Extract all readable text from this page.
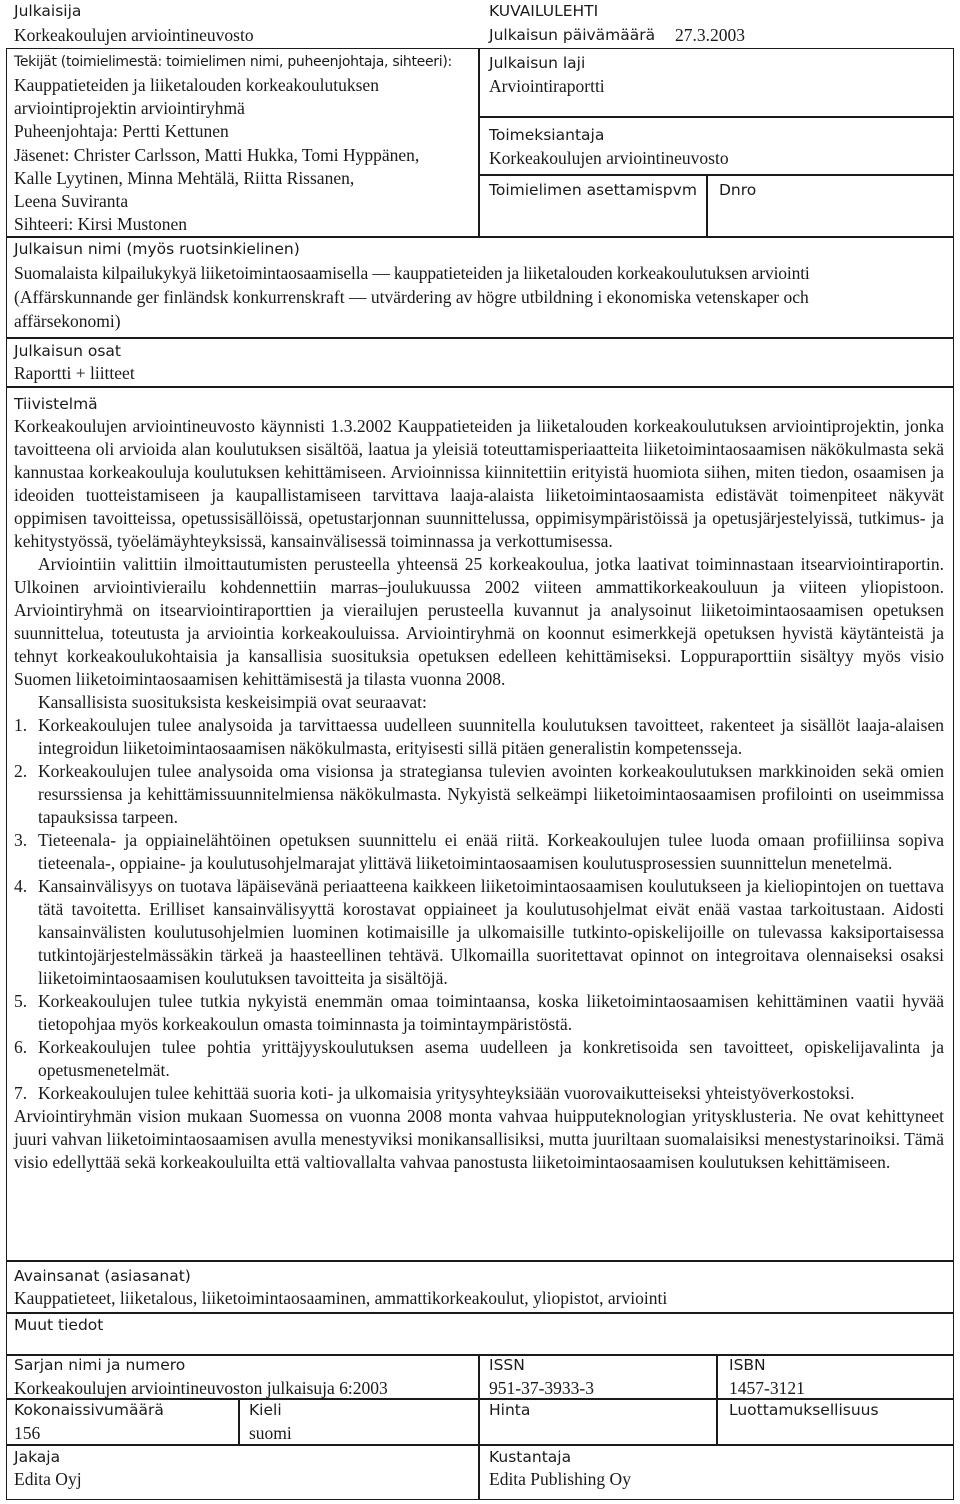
Julkaisija
Korkeakoulujen arviointineuvosto
KUVAILULEHTI
Julkaisun päivämäärä 27.3.2003
Tekijät (toimielimestä: toimielimen nimi, puheenjohtaja, sihteeri):
Kauppatieteiden ja liiketalouden korkeakoulutuksen
arviointiprojektin arviointiryhmä
Puheenjohtaja: Pertti Kettunen
Jäsenet: Christer Carlsson, Matti Hukka, Tomi Hyppänen,
Kalle Lyytinen, Minna Mehtälä, Riitta Rissanen,
Leena Suviranta
Sihteeri: Kirsi Mustonen
Julkaisun laji
Arviointiraportti
Toimeksiantaja
Korkeakoulujen arviointineuvosto
Toimielimen asettamispvm Dnro
Julkaisun nimi (myös ruotsinkielinen)
Suomalaista kilpailukykyä liiketoimintaosaamisella — kauppatieteiden ja liiketalouden korkeakoulutuksen arviointi
(Affärskunnande ger finländsk konkurrenskraft — utvärdering av högre utbildning i ekonomiska vetenskaper och
affärsekonomi)
Julkaisun osat
Raportti + liitteet
Tiivistelmä

Korkeakoulujen arviointineuvosto käynnisti 1.3.2002 Kauppatieteiden ja liiketalouden korkeakoulutuksen arviointiprojektin, jonka tavoitteena oli arvioida alan koulutuksen sisältöä, laatua ja yleisiä toteuttamisperiaatteita liiketoimintaosaamisen näkökulmasta sekä kannustaa korkeakouluja koulutuksen kehittämiseen. Arvioinnissa kiinnitettiin erityistä huomiota siihen, miten tiedon, osaamisen ja ideoiden tuotteistamiseen ja kaupallistamiseen tarvittava laaja-alaista liiketoimintaosaamista edistävät toimenpiteet näkyvät oppimisen tavoitteissa, opetussisällöissä, opetustarjonnan suunnittelussa, oppimisympäristöissä ja opetusjärjestelyissä, tutkimus- ja kehitystyössä, työelämäyhteyksissä, kansainvälisessä toiminnassa ja verkottumisessa.

Arviointiin valittiin ilmoittautumisten perusteella yhteensä 25 korkeakoulua, jotka laativat toiminnastaan itsearviointiraportin. Ulkoinen arviointivierailu kohdennettiin marras–joulukuussa 2002 viiteen ammattikorkeakouluun ja viiteen yliopistoon. Arviointiryhmä on itsearviointiraporttien ja vierailujen perusteella kuvannut ja analysoinut liiketoimintaosaamisen opetuksen suunnittelua, toteutusta ja arviointia korkeakouluissa. Arviointiryhmä on koonnut esimerkkejä opetuksen hyvistä käytänteistä ja tehnyt korkeakoulukohtaisia ja kansallisia suosituksia opetuksen edelleen kehittämiseksi. Loppuraporttiin sisältyy myös visio Suomen liiketoimintaosaamisen kehittämisestä ja tilasta vuonna 2008.

Kansallisista suosituksista keskeisimpiä ovat seuraavat:

1. Korkeakoulujen tulee analysoida ja tarvittaessa uudelleen suunnitella koulutuksen tavoitteet, rakenteet ja sisällöt laaja-alaisen integroidun liiketoimintaosaamisen näkökulmasta, erityisesti sillä pitäen generalistin kompetensseja.
2. Korkeakoulujen tulee analysoida oma visionsa ja strategiansa tulevien avointen korkeakoulutuksen markkinoiden sekä omien resurssiensa ja kehittämissuunnitelmiensa näkökulmasta. Nykyistä selkeämpi liiketoimintaosaamisen profilointi on useimmissa tapauksissa tarpeen.
3. Tieteenala- ja oppiainelähtöinen opetuksen suunnittelu ei enää riitä. Korkeakoulujen tulee luoda omaan profiiliinsa sopiva tieteenala-, oppiaine- ja koulutusohjelmarajat ylittävä liiketoimintaosaamisen koulutusprosessien suunnittelun menetelmä.
4. Kansainvälisyys on tuotava läpäisevänä periaatteena kaikkeen liiketoimintaosaamisen koulutukseen ja kieliopintojen on tuettava tätä tavoitetta. Erilliset kansainvälisyyttä korostavat oppiaineet ja koulutusohjelmat eivät enää vastaa tarkoitustaan. Aidosti kansainvälisten koulutusohjelmien luominen kotimaisille ja ulkomaisille tutkinto-opiskelijoille on tulevassa kaksiportaisessa tutkintojärjestelmässäkin tärkeä ja haasteellinen tehtävä. Ulkomailla suoritettavat opinnot on integroitava olennaiseksi osaksi liiketoimintaosaamisen koulutuksen tavoitteita ja sisältöjä.
5. Korkeakoulujen tulee tutkia nykyistä enemmän omaa toimintaansa, koska liiketoimintaosaamisen kehittäminen vaatii hyvää tietopohjaa myös korkeakoulun omasta toiminnasta ja toimintaympäristöstä.
6. Korkeakoulujen tulee pohtia yrittäjyyskoulutuksen asema uudelleen ja konkretisoida sen tavoitteet, opiskelijavalinta ja opetusmenetelmät.
7. Korkeakoulujen tulee kehittää suoria koti- ja ulkomaisia yritysyhteyksiään vuorovaikutteiseksi yhteistyöverkostoksi.

Arviointiryhmän vision mukaan Suomessa on vuonna 2008 monta vahvaa huipputeknologian yritysklusteria. Ne ovat kehittyneet juuri vahvan liiketoimintaosaamisen avulla menestyviksi monikansallisiksi, mutta juuriltaan suomalaisiksi menestystarinoiksi. Tämä visio edellyttää sekä korkeakouluilta että valtiovallalta vahvaa panostusta liiketoimintaosaamisen koulutuksen kehittämiseen.

Avainsanat (asiasanat)
Kauppatieteet, liiketalous, liiketoimintaosaaminen, ammattikorkeakoulut, yliopistot, arviointi
Muut tiedot
Sarjan nimi ja numero
Korkeakoulujen arviointineuvoston julkaisuja 6:2003
ISSN
951-37-3933-3
ISBN
1457-3121
Kokonaissivumäärä
156
Kieli
suomi
Hinta	Luottamuksellisuus
Jakaja
Edita Oyj
Kustantaja
Edita Publishing Oy
